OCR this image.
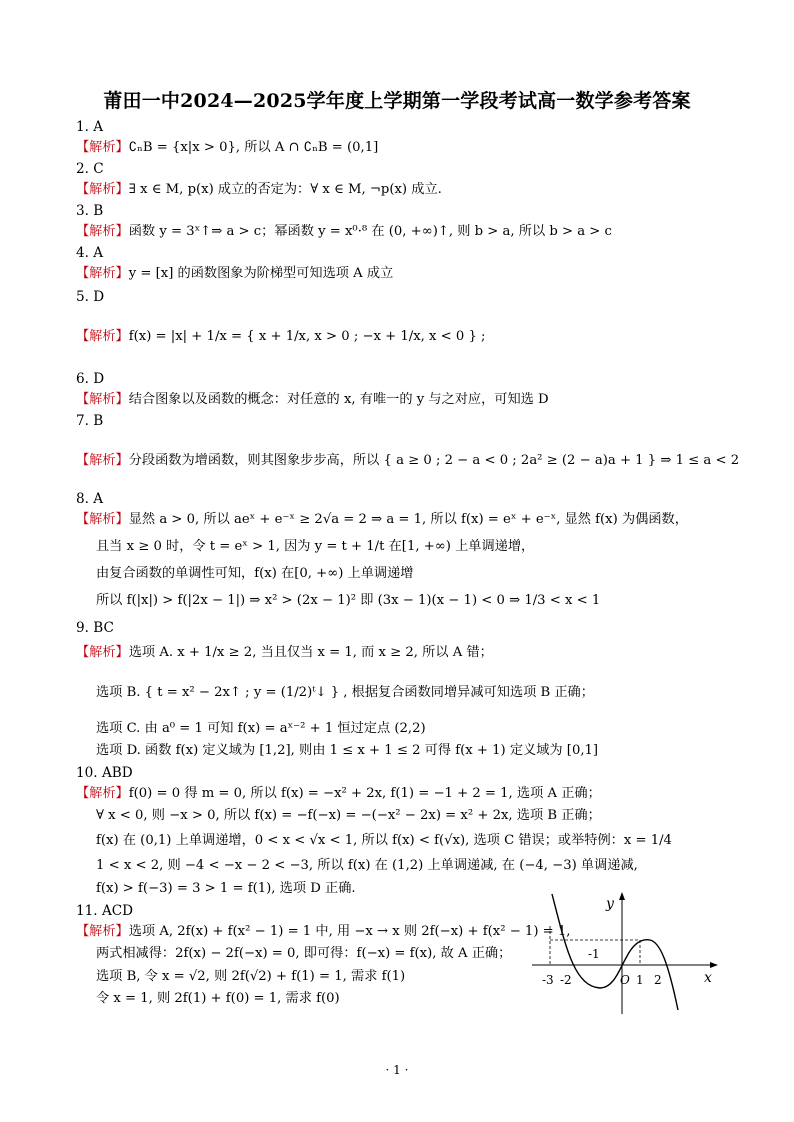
莆田一中2024—2025学年度上学期第一学段考试高一数学参考答案
1. A
【解析】∁ₙB = {x|x > 0}, 所以 A ∩ ∁ₙB = (0,1]
2. C
【解析】∃ x ∈ M, p(x) 成立的否定为：∀ x ∈ M, ¬p(x) 成立.
3. B
【解析】函数 y = 3ˣ↑⇒ a > c；幂函数 y = x⁰·⁸ 在 (0, +∞)↑, 则 b > a, 所以 b > a > c
4. A
【解析】y = [x] 的函数图象为阶梯型可知选项 A 成立
5. D
【解析】f(x) = |x| + 1/x = { x + 1/x, x > 0 ; −x + 1/x, x < 0 } ;
6. D
【解析】结合图象以及函数的概念：对任意的 x, 有唯一的 y 与之对应，可知选 D
7. B
【解析】分段函数为增函数，则其图象步步高，所以 { a ≥ 0 ; 2 − a < 0 ; 2a² ≥ (2 − a)a + 1 } ⇒ 1 ≤ a < 2
8. A
【解析】显然 a > 0, 所以 aeˣ + e⁻ˣ ≥ 2√a = 2 ⇒ a = 1, 所以 f(x) = eˣ + e⁻ˣ, 显然 f(x) 为偶函数，
且当 x ≥ 0 时，令 t = eˣ > 1, 因为 y = t + 1/t 在[1, +∞) 上单调递增，
由复合函数的单调性可知，f(x) 在[0, +∞) 上单调递增
所以 f(|x|) > f(|2x − 1|) ⇒ x² > (2x − 1)² 即 (3x − 1)(x − 1) < 0 ⇒ 1/3 < x < 1
9. BC
【解析】选项 A. x + 1/x ≥ 2, 当且仅当 x = 1, 而 x ≥ 2, 所以 A 错；
选项 B. { t = x² − 2x↑ ; y = (1/2)ᵗ↓ } , 根据复合函数同增异减可知选项 B 正确；
选项 C. 由 a⁰ = 1 可知 f(x) = aˣ⁻² + 1 恒过定点 (2,2)
选项 D. 函数 f(x) 定义域为 [1,2], 则由 1 ≤ x + 1 ≤ 2 可得 f(x + 1) 定义域为 [0,1]
10. ABD
【解析】f(0) = 0 得 m = 0, 所以 f(x) = −x² + 2x, f(1) = −1 + 2 = 1, 选项 A 正确；
∀ x < 0, 则 −x > 0, 所以 f(x) = −f(−x) = −(−x² − 2x) = x² + 2x, 选项 B 正确；
f(x) 在 (0,1) 上单调递增，0 < x < √x < 1, 所以 f(x) < f(√x), 选项 C 错误；或举特例：x = 1/4
1 < x < 2, 则 −4 < −x − 2 < −3, 所以 f(x) 在 (1,2) 上单调递减, 在 (−4, −3) 单调递减,
f(x) > f(−3) = 3 > 1 = f(1), 选项 D 正确.
11. ACD
【解析】选项 A, 2f(x) + f(x² − 1) = 1 中, 用 −x → x 则 2f(−x) + f(x² − 1) = 1,
两式相减得：2f(x) − 2f(−x) = 0, 即可得：f(−x) = f(x), 故 A 正确；
选项 B, 令 x = √2, 则 2f(√2) + f(1) = 1, 需求 f(1)
令 x = 1, 则 2f(1) + f(0) = 1, 需求 f(0)
y
x
O
-1
-3 -2	1 2
· 1 ·
